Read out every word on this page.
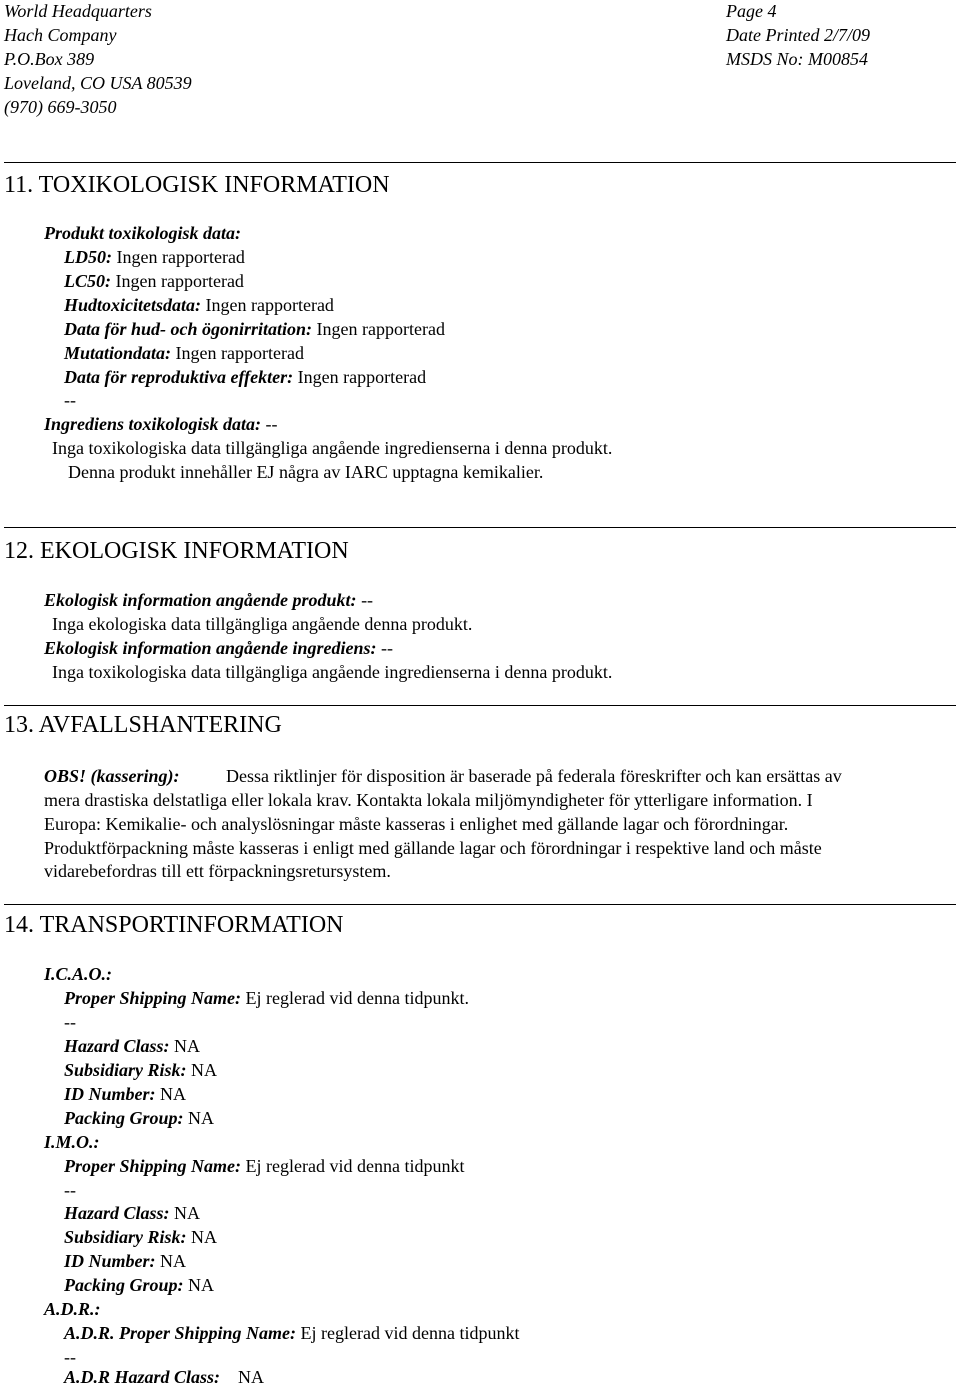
World Headquarters
Hach Company
P.O.Box 389
Loveland, CO USA 80539
(970) 669-3050
Page 4
Date Printed 2/7/09
MSDS No: M00854
11. TOXIKOLOGISK INFORMATION
Produkt toxikologisk data:
LD50: Ingen rapporterad
LC50: Ingen rapporterad
Hudtoxicitetsdata: Ingen rapporterad
Data för hud- och ögonirritation: Ingen rapporterad
Mutationdata: Ingen rapporterad
Data för reproduktiva effekter: Ingen rapporterad
--
Ingrediens toxikologisk data: --
Inga toxikologiska data tillgängliga angående ingredienserna i denna produkt.
Denna produkt innehåller EJ några av IARC upptagna kemikalier.
12. EKOLOGISK INFORMATION
Ekologisk information angående produkt: --
Inga ekologiska data tillgängliga angående denna produkt.
Ekologisk information angående ingrediens: --
Inga toxikologiska data tillgängliga angående ingredienserna i denna produkt.
13. AVFALLSHANTERING
OBS! (kassering):	Dessa riktlinjer för disposition är baserade på federala föreskrifter och kan ersättas av
mera drastiska delstatliga eller lokala krav. Kontakta lokala miljömyndigheter för ytterligare information. I
Europa: Kemikalie- och analyslösningar måste kasseras i enlighet med gällande lagar och förordningar.
Produktförpackning måste kasseras i enligt med gällande lagar och förordningar i respektive land och måste
vidarebefordras till ett förpackningsretursystem.
14. TRANSPORTINFORMATION
I.C.A.O.:
Proper Shipping Name: Ej reglerad vid denna tidpunkt.
--
Hazard Class: NA
Subsidiary Risk: NA
ID Number: NA
Packing Group: NA
I.M.O.:
Proper Shipping Name: Ej reglerad vid denna tidpunkt
--
Hazard Class: NA
Subsidiary Risk: NA
ID Number: NA
Packing Group: NA
A.D.R.:
A.D.R. Proper Shipping Name: Ej reglerad vid denna tidpunkt
--
A.D.R Hazard Class: NA
